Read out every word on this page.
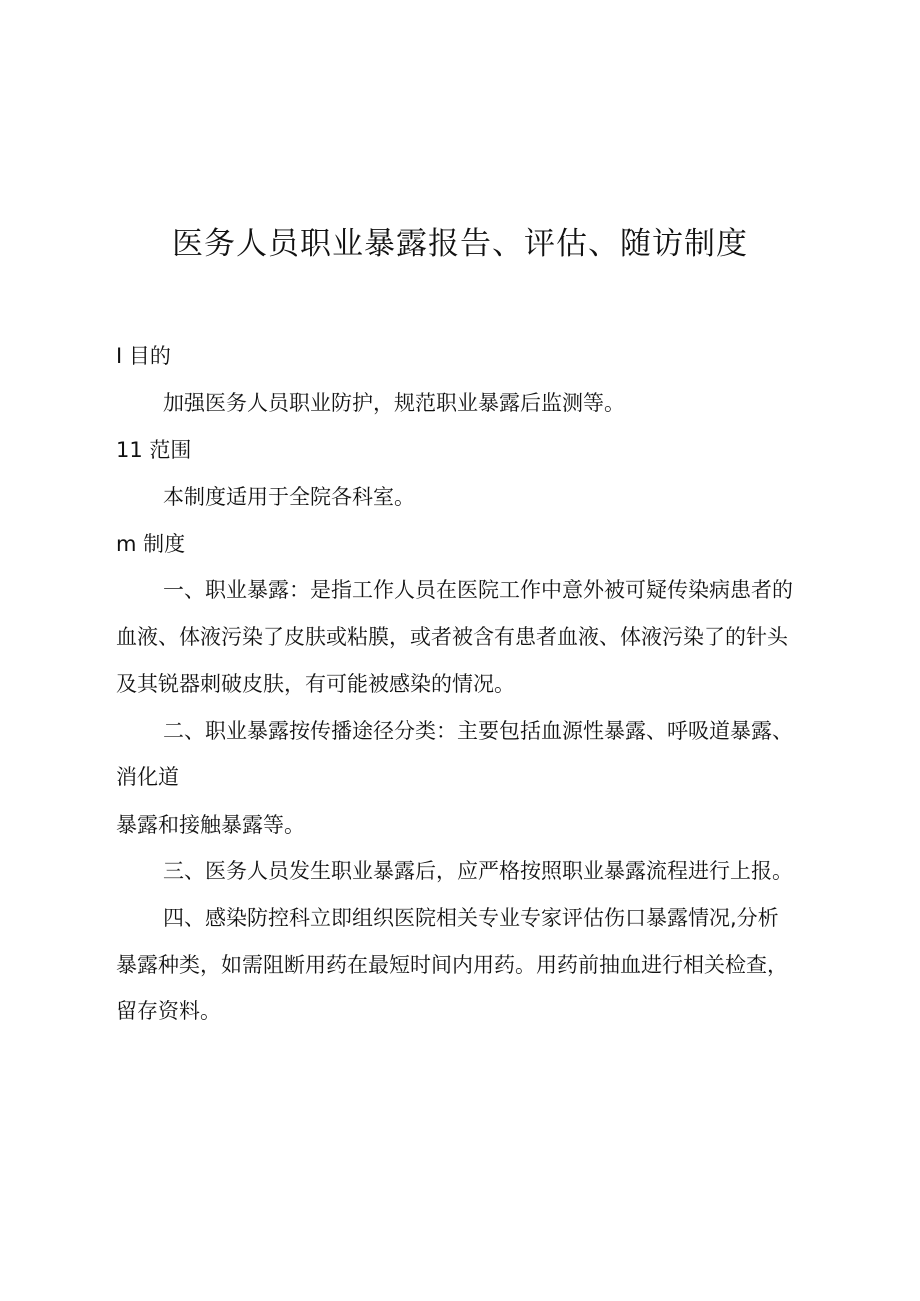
医务人员职业暴露报告、评估、随访制度

I 目的

加强医务人员职业防护，规范职业暴露后监测等。

11 范围

本制度适用于全院各科室。

m 制度

一、职业暴露：是指工作人员在医院工作中意外被可疑传染病患者的

血液、体液污染了皮肤或粘膜，或者被含有患者血液、体液污染了的针头

及其锐器刺破皮肤，有可能被感染的情况。

二、职业暴露按传播途径分类：主要包括血源性暴露、呼吸道暴露、

消化道

暴露和接触暴露等。

三、医务人员发生职业暴露后，应严格按照职业暴露流程进行上报。

四、感染防控科立即组织医院相关专业专家评估伤口暴露情况,分析

暴露种类，如需阻断用药在最短时间内用药。用药前抽血进行相关检查，

留存资料。
